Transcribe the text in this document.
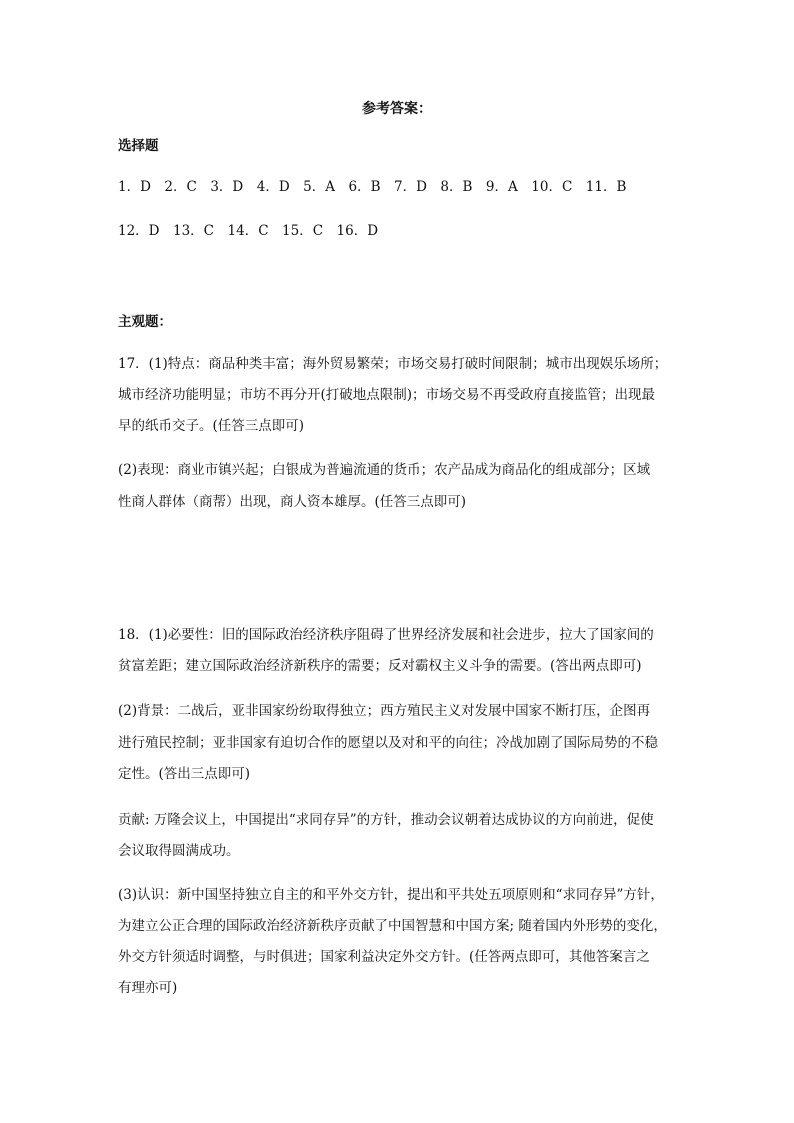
参考答案：
选择题
1．D　2．C　3．D　4．D　5．A　6．B　7．D　8．B　9．A　10．C　11．B
12．D　13．C　14．C　15．C　16．D
主观题：
17．(1)特点：商品种类丰富；海外贸易繁荣；市场交易打破时间限制；城市出现娱乐场所；
城市经济功能明显；市坊不再分开(打破地点限制)；市场交易不再受政府直接监管；出现最
早的纸币交子。(任答三点即可)
(2)表现：商业市镇兴起；白银成为普遍流通的货币；农产品成为商品化的组成部分；区域
性商人群体（商帮）出现，商人资本雄厚。(任答三点即可)
18．(1)必要性：旧的国际政治经济秩序阻碍了世界经济发展和社会进步，拉大了国家间的
贫富差距；建立国际政治经济新秩序的需要；反对霸权主义斗争的需要。(答出两点即可)
(2)背景：二战后，亚非国家纷纷取得独立；西方殖民主义对发展中国家不断打压，企图再
进行殖民控制；亚非国家有迫切合作的愿望以及对和平的向往；冷战加剧了国际局势的不稳
定性。(答出三点即可)
贡献: 万隆会议上，中国提出“求同存异”的方针，推动会议朝着达成协议的方向前进，促使
会议取得圆满成功。
(3)认识：新中国坚持独立自主的和平外交方针，提出和平共处五项原则和“求同存异”方针，
为建立公正合理的国际政治经济新秩序贡献了中国智慧和中国方案; 随着国内外形势的变化，
外交方针须适时调整，与时俱进；国家利益决定外交方针。(任答两点即可，其他答案言之
有理亦可)
